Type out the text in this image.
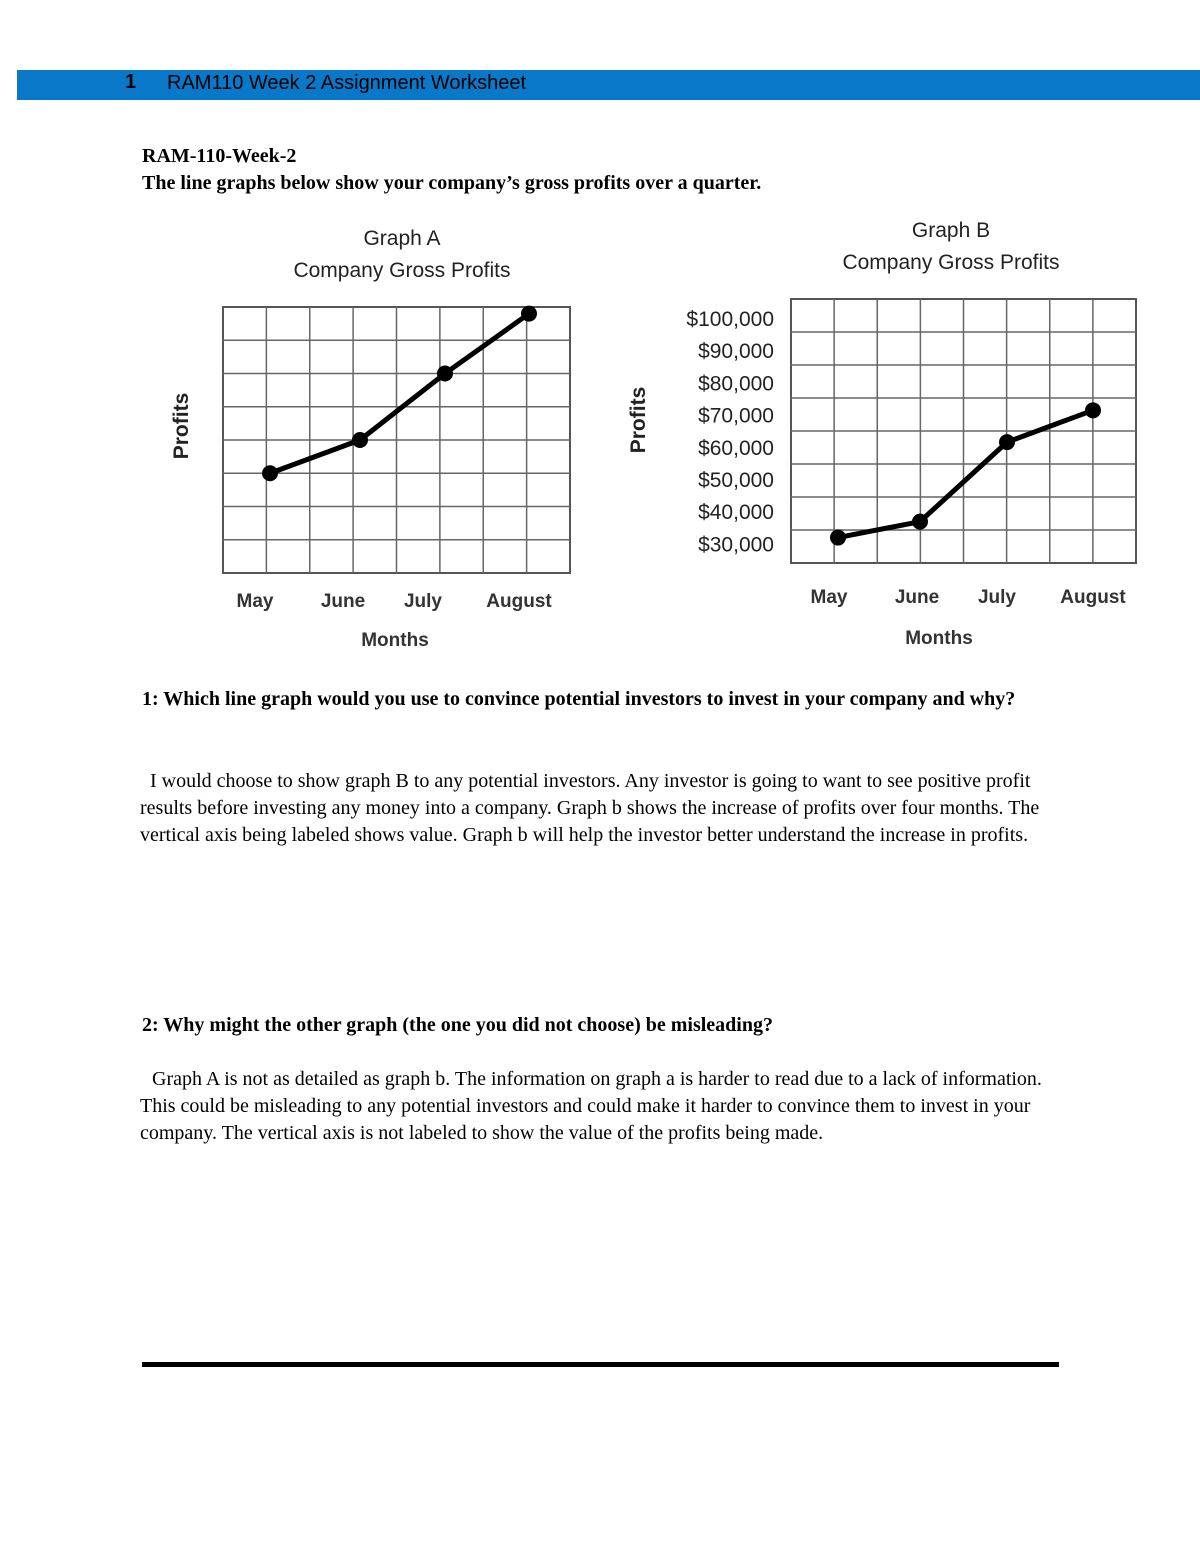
1 RAM110 Week 2 Assignment Worksheet
RAM-110-Week-2
The line graphs below show your company’s gross profits over a quarter.
Graph A
Company Gross Profits
Profits
Months
May June July August
Graph B
Company Gross Profits
Profits
Months
$100,000
$90,000
$80,000
$70,000
$60,000
$50,000
$40,000
$30,000
May June July August
1: Which line graph would you use to convince potential investors to invest in your company and why?
I would choose to show graph B to any potential investors. Any investor is going to want to see positive profit results before investing any money into a company. Graph b shows the increase of profits over four months. The vertical axis being labeled shows value. Graph b will help the investor better understand the increase in profits.
2: Why might the other graph (the one you did not choose) be misleading?
Graph A is not as detailed as graph b. The information on graph a is harder to read due to a lack of information. This could be misleading to any potential investors and could make it harder to convince them to invest in your company. The vertical axis is not labeled to show the value of the profits being made.
